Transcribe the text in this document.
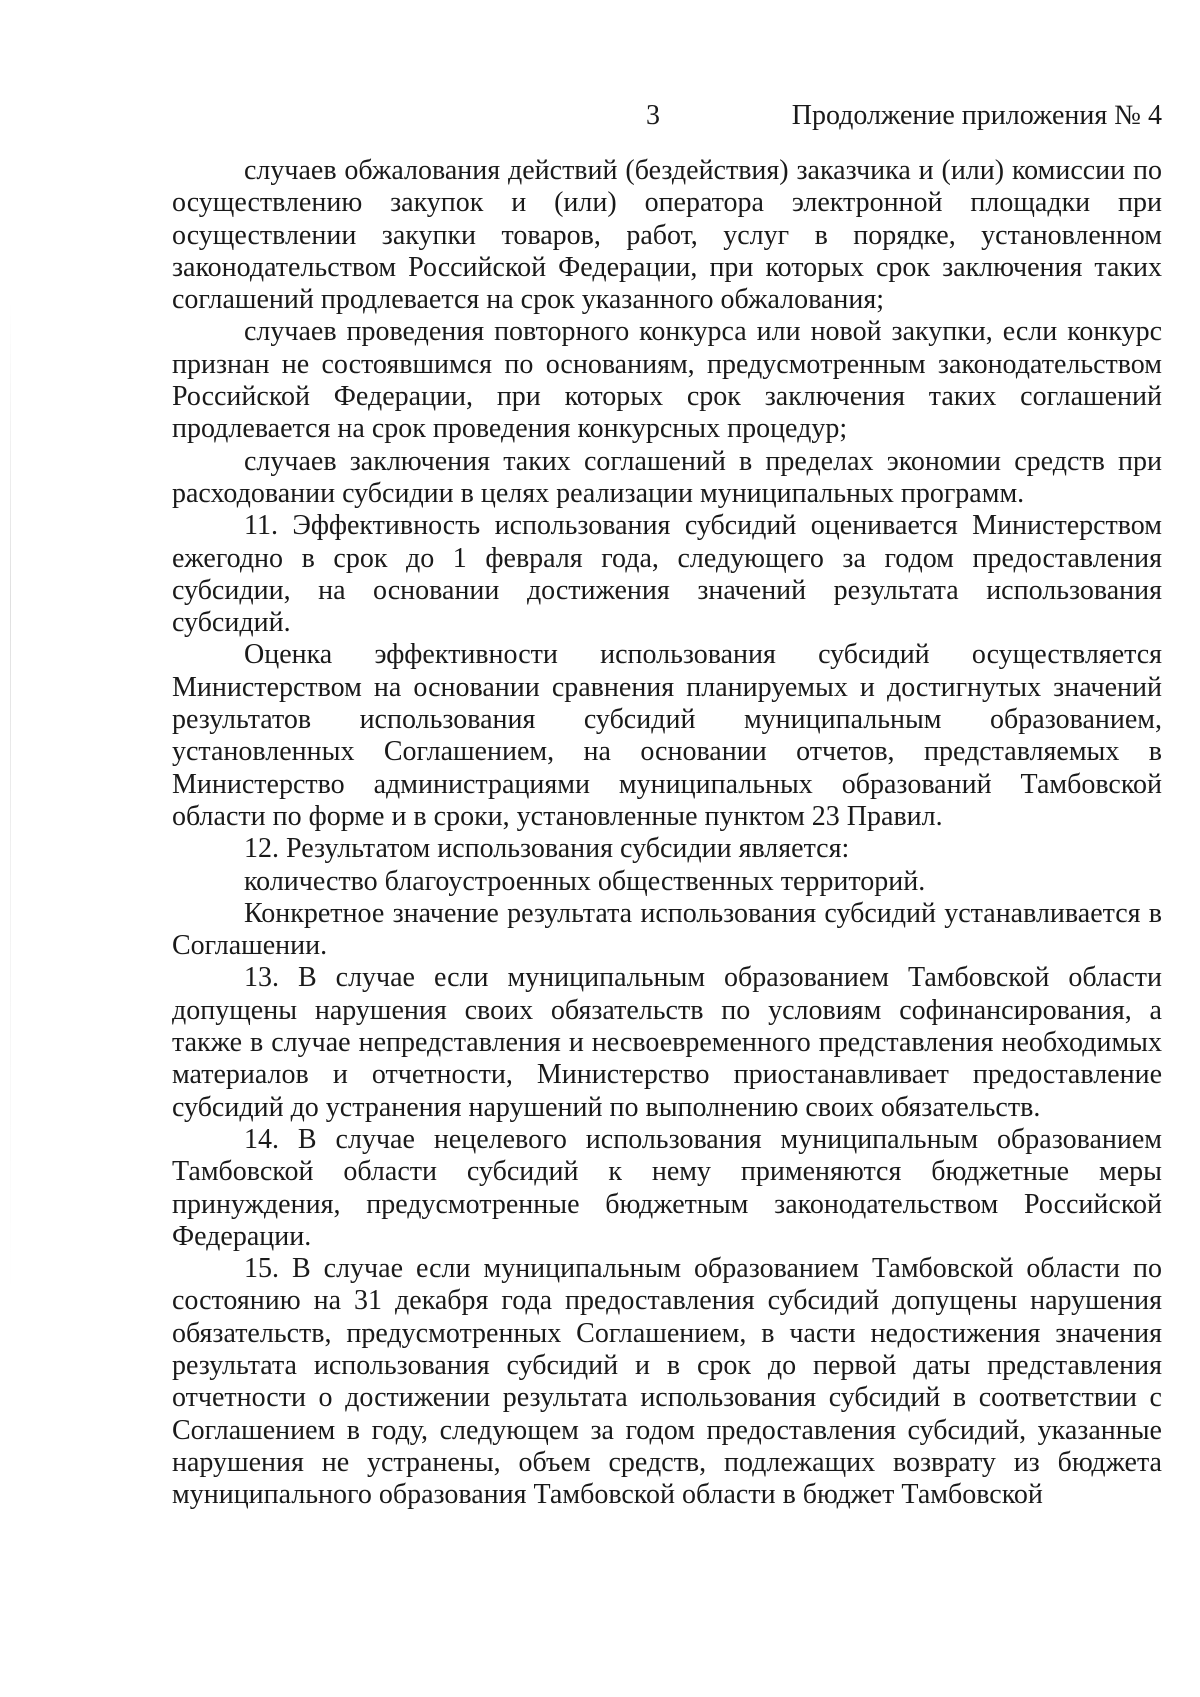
3	Продолжение приложения № 4

случаев обжалования действий (бездействия) заказчика и (или) комиссии по осуществлению закупок и (или) оператора электронной площадки при осуществлении закупки товаров, работ, услуг в порядке, установленном законодательством Российской Федерации, при которых срок заключения таких соглашений продлевается на срок указанного обжалования;

случаев проведения повторного конкурса или новой закупки, если конкурс признан не состоявшимся по основаниям, предусмотренным законодательством Российской Федерации, при которых срок заключения таких соглашений продлевается на срок проведения конкурсных процедур;

случаев заключения таких соглашений в пределах экономии средств при расходовании субсидии в целях реализации муниципальных программ.

11. Эффективность использования субсидий оценивается Министерством ежегодно в срок до 1 февраля года, следующего за годом предоставления субсидии, на основании достижения значений результата использования субсидий.

Оценка эффективности использования субсидий осуществляется Министерством на основании сравнения планируемых и достигнутых значений результатов использования субсидий муниципальным образованием, установленных Соглашением, на основании отчетов, представляемых в Министерство администрациями муниципальных образований Тамбовской области по форме и в сроки, установленные пунктом 23 Правил.

12. Результатом использования субсидии является:

количество благоустроенных общественных территорий.

Конкретное значение результата использования субсидий устанавливается в Соглашении.

13. В случае если муниципальным образованием Тамбовской области допущены нарушения своих обязательств по условиям софинансирования, а также в случае непредставления и несвоевременного представления необходимых материалов и отчетности, Министерство приостанавливает предоставление субсидий до устранения нарушений по выполнению своих обязательств.

14. В случае нецелевого использования муниципальным образованием Тамбовской области субсидий к нему применяются бюджетные меры принуждения, предусмотренные бюджетным законодательством Российской Федерации.

15. В случае если муниципальным образованием Тамбовской области по состоянию на 31 декабря года предоставления субсидий допущены нарушения обязательств, предусмотренных Соглашением, в части недостижения значения результата использования субсидий и в срок до первой даты представления отчетности о достижении результата использования субсидий в соответствии с Соглашением в году, следующем за годом предоставления субсидий, указанные нарушения не устранены, объем средств, подлежащих возврату из бюджета муниципального образования Тамбовской области в бюджет Тамбовской
